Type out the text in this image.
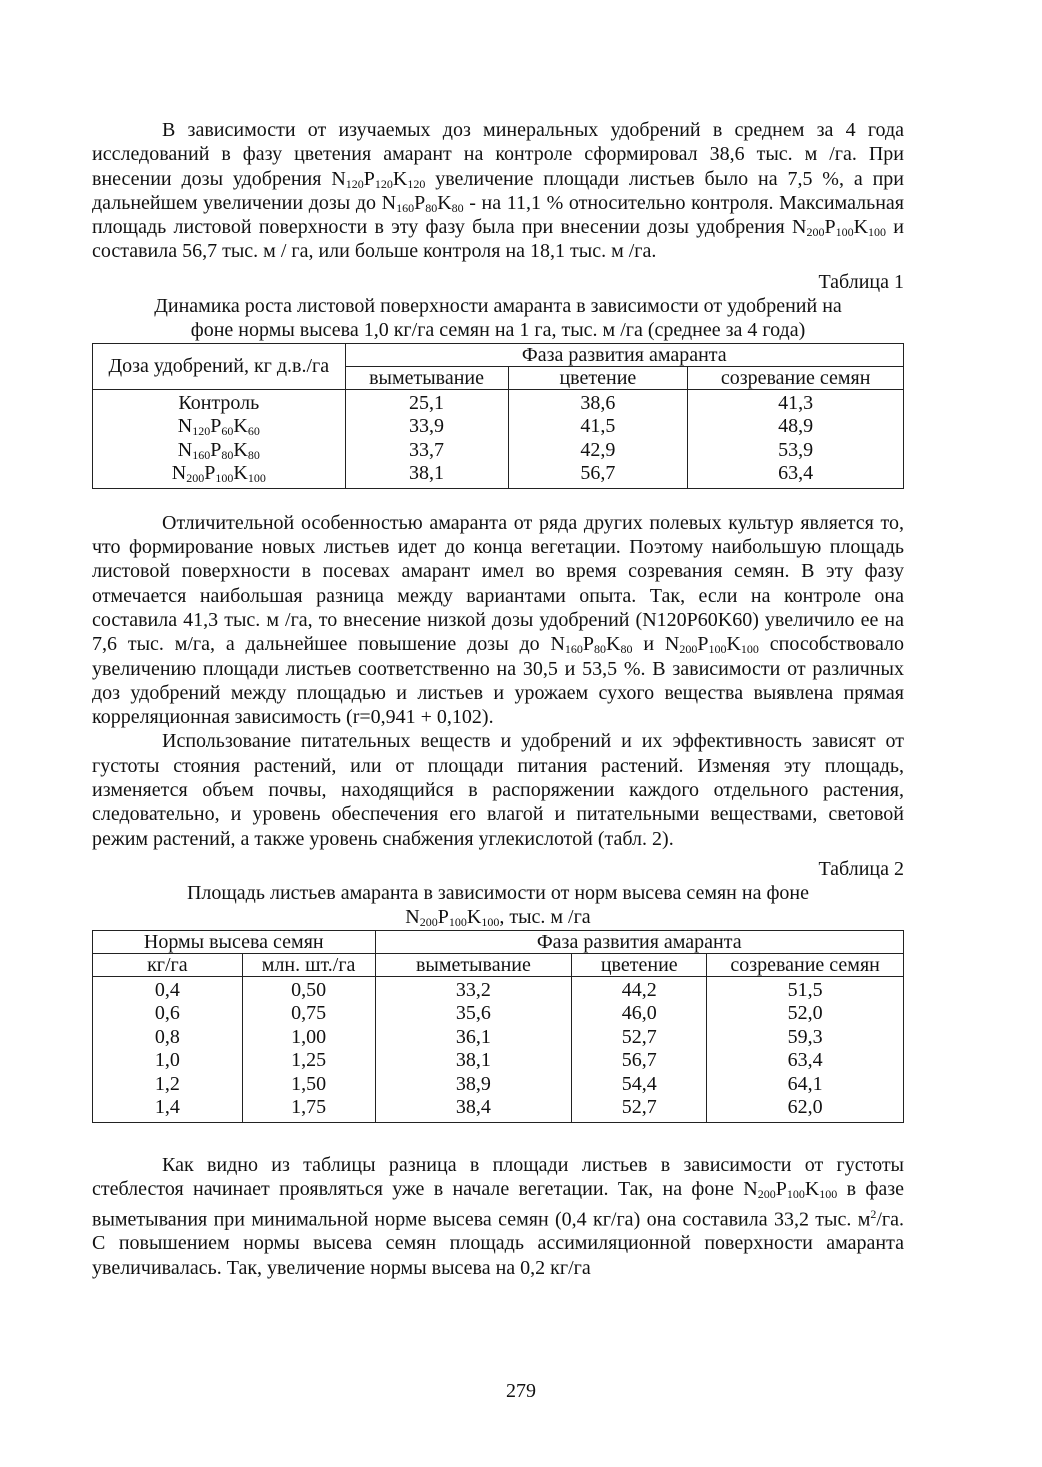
В зависимости от изучаемых доз минеральных удобрений в среднем за 4 года исследований в фазу цветения амарант на контроле сформировал 38,6 тыс. м /га. При внесении дозы удобрения $N_{120}P_{120}K_{120}$ увеличение площади листьев было на 7,5 %, а при дальнейшем увеличении дозы до $N_{160}P_{80}K_{80}$ - на 11,1 % относительно контроля. Максимальная площадь листовой поверхности в эту фазу была при внесении дозы удобрения $N_{200}P_{100}K_{100}$ и составила 56,7 тыс. м / га, или больше контроля на 18,1 тыс. м /га.

Таблица 1
Динамика роста листовой поверхности амаранта в зависимости от удобрений на
фоне нормы высева 1,0 кг/га семян на 1 га, тыс. м /га (среднее за 4 года)
Доза удобрений, кг д.в./га	Фаза развития амаранта		
	выметывание	цветение	созревание семян
Контроль	25,1	38,6	41,3
$N_{120}P_{60}K_{60}$	33,9	41,5	48,9
$N_{160}P_{80}K_{80}$	33,7	42,9	53,9
$N_{200}P_{100}K_{100}$	38,1	56,7	63,4

Отличительной особенностью амаранта от ряда других полевых культур является то, что формирование новых листьев идет до конца вегетации. Поэтому наибольшую площадь листовой поверхности в посевах амарант имел во время созревания семян. В эту фазу отмечается наибольшая разница между вариантами опыта. Так, если на контроле она составила 41,3 тыс. м /га, то внесение низкой дозы удобрений (N120P60K60) увеличило ее на 7,6 тыс. м/га, а дальнейшее повышение дозы до $N_{160}P_{80}K_{80}$ и $N_{200}P_{100}K_{100}$ способствовало увеличению площади листьев соответственно на 30,5 и 53,5 %. В зависимости от различных доз удобрений между площадью и листьев и урожаем сухого вещества выявлена прямая корреляционная зависимость (r=0,941 + 0,102).

Использование питательных веществ и удобрений и их эффективность зависят от густоты стояния растений, или от площади питания растений. Изменяя эту площадь, изменяется объем почвы, находящийся в распоряжении каждого отдельного растения, следовательно, и уровень обеспечения его влагой и питательными веществами, световой режим растений, а также уровень снабжения углекислотой (табл. 2).

Таблица 2
Площадь листьев амаранта в зависимости от норм высева семян на фоне
$N_{200}P_{100}K_{100}$, тыс. м /га
Нормы высева семян		Фаза развития амаранта		
кг/га	млн. шт./га	выметывание	цветение	созревание семян
0,4	0,50	33,2	44,2	51,5
0,6	0,75	35,6	46,0	52,0
0,8	1,00	36,1	52,7	59,3
1,0	1,25	38,1	56,7	63,4
1,2	1,50	38,9	54,4	64,1
1,4	1,75	38,4	52,7	62,0

Как видно из таблицы разница в площади листьев в зависимости от густоты стеблестоя начинает проявляться уже в начале вегетации. Так, на фоне $N_{200}P_{100}K_{100}$ в фазе выметывания при минимальной норме высева семян (0,4 кг/га) она составила 33,2 тыс. $м^2/га$. С повышением нормы высева семян площадь ассимиляционной поверхности амаранта увеличивалась. Так, увеличение нормы высева на 0,2 кг/га

279
